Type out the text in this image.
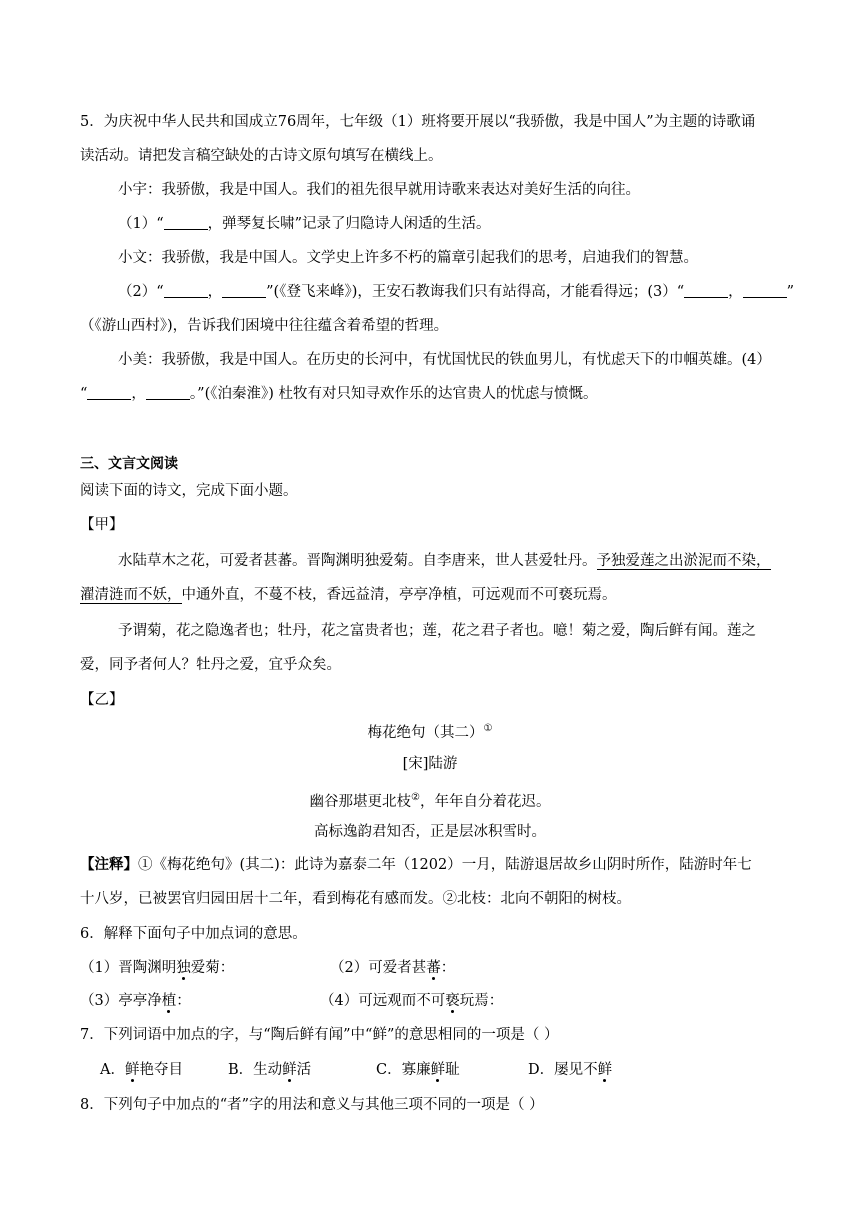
5．为庆祝中华人民共和国成立76周年，七年级（1）班将要开展以“我骄傲，我是中国人”为主题的诗歌诵
读活动。请把发言稿空缺处的古诗文原句填写在横线上。
小宇：我骄傲，我是中国人。我们的祖先很早就用诗歌来表达对美好生活的向往。
（1）“	，弹琴复长啸”记录了归隐诗人闲适的生活。
小文：我骄傲，我是中国人。文学史上许多不朽的篇章引起我们的思考，启迪我们的智慧。
（2）“	，	”(《登飞来峰》)，王安石教诲我们只有站得高，才能看得远；(3）“	，	”
（《游山西村》)，告诉我们困境中往往蕴含着希望的哲理。
小美：我骄傲，我是中国人。在历史的长河中，有忧国忧民的铁血男儿，有忧虑天下的巾帼英雄。(4）
“	，	。”(《泊秦淮》) 杜牧有对只知寻欢作乐的达官贵人的忧虑与愤慨。
三、文言文阅读
阅读下面的诗文，完成下面小题。
【甲】
水陆草木之花，可爱者甚蕃。晋陶渊明独爱菊。自李唐来，世人甚爱牡丹。予独爱莲之出淤泥而不染，
濯清涟而不妖，中通外直，不蔓不枝，香远益清，亭亭净植，可远观而不可亵玩焉。
予谓菊，花之隐逸者也；牡丹，花之富贵者也；莲，花之君子者也。噫！菊之爱，陶后鲜有闻。莲之
爱，同予者何人？牡丹之爱，宜乎众矣。
【乙】
梅花绝句（其二）①
[宋]陆游
幽谷那堪更北枝②，年年自分着花迟。
高标逸韵君知否，正是层冰积雪时。
【注释】①《梅花绝句》(其二)：此诗为嘉泰二年（1202）一月，陆游退居故乡山阴时所作，陆游时年七
十八岁，已被罢官归园田居十二年，看到梅花有感而发。②北枝：北向不朝阳的树枝。
6．解释下面句子中加点词的意思。
（1）晋陶渊明独爱菊：	（2）可爱者甚蕃：
（3）亭亭净植：	（4）可远观而不可亵玩焉：
7．下列词语中加点的字，与“陶后鲜有闻”中“鲜”的意思相同的一项是（ ）
A．鲜艳夺目	B．生动鲜活	C．寡廉鲜耻	D．屡见不鲜
8．下列句子中加点的“者”字的用法和意义与其他三项不同的一项是（ ）
